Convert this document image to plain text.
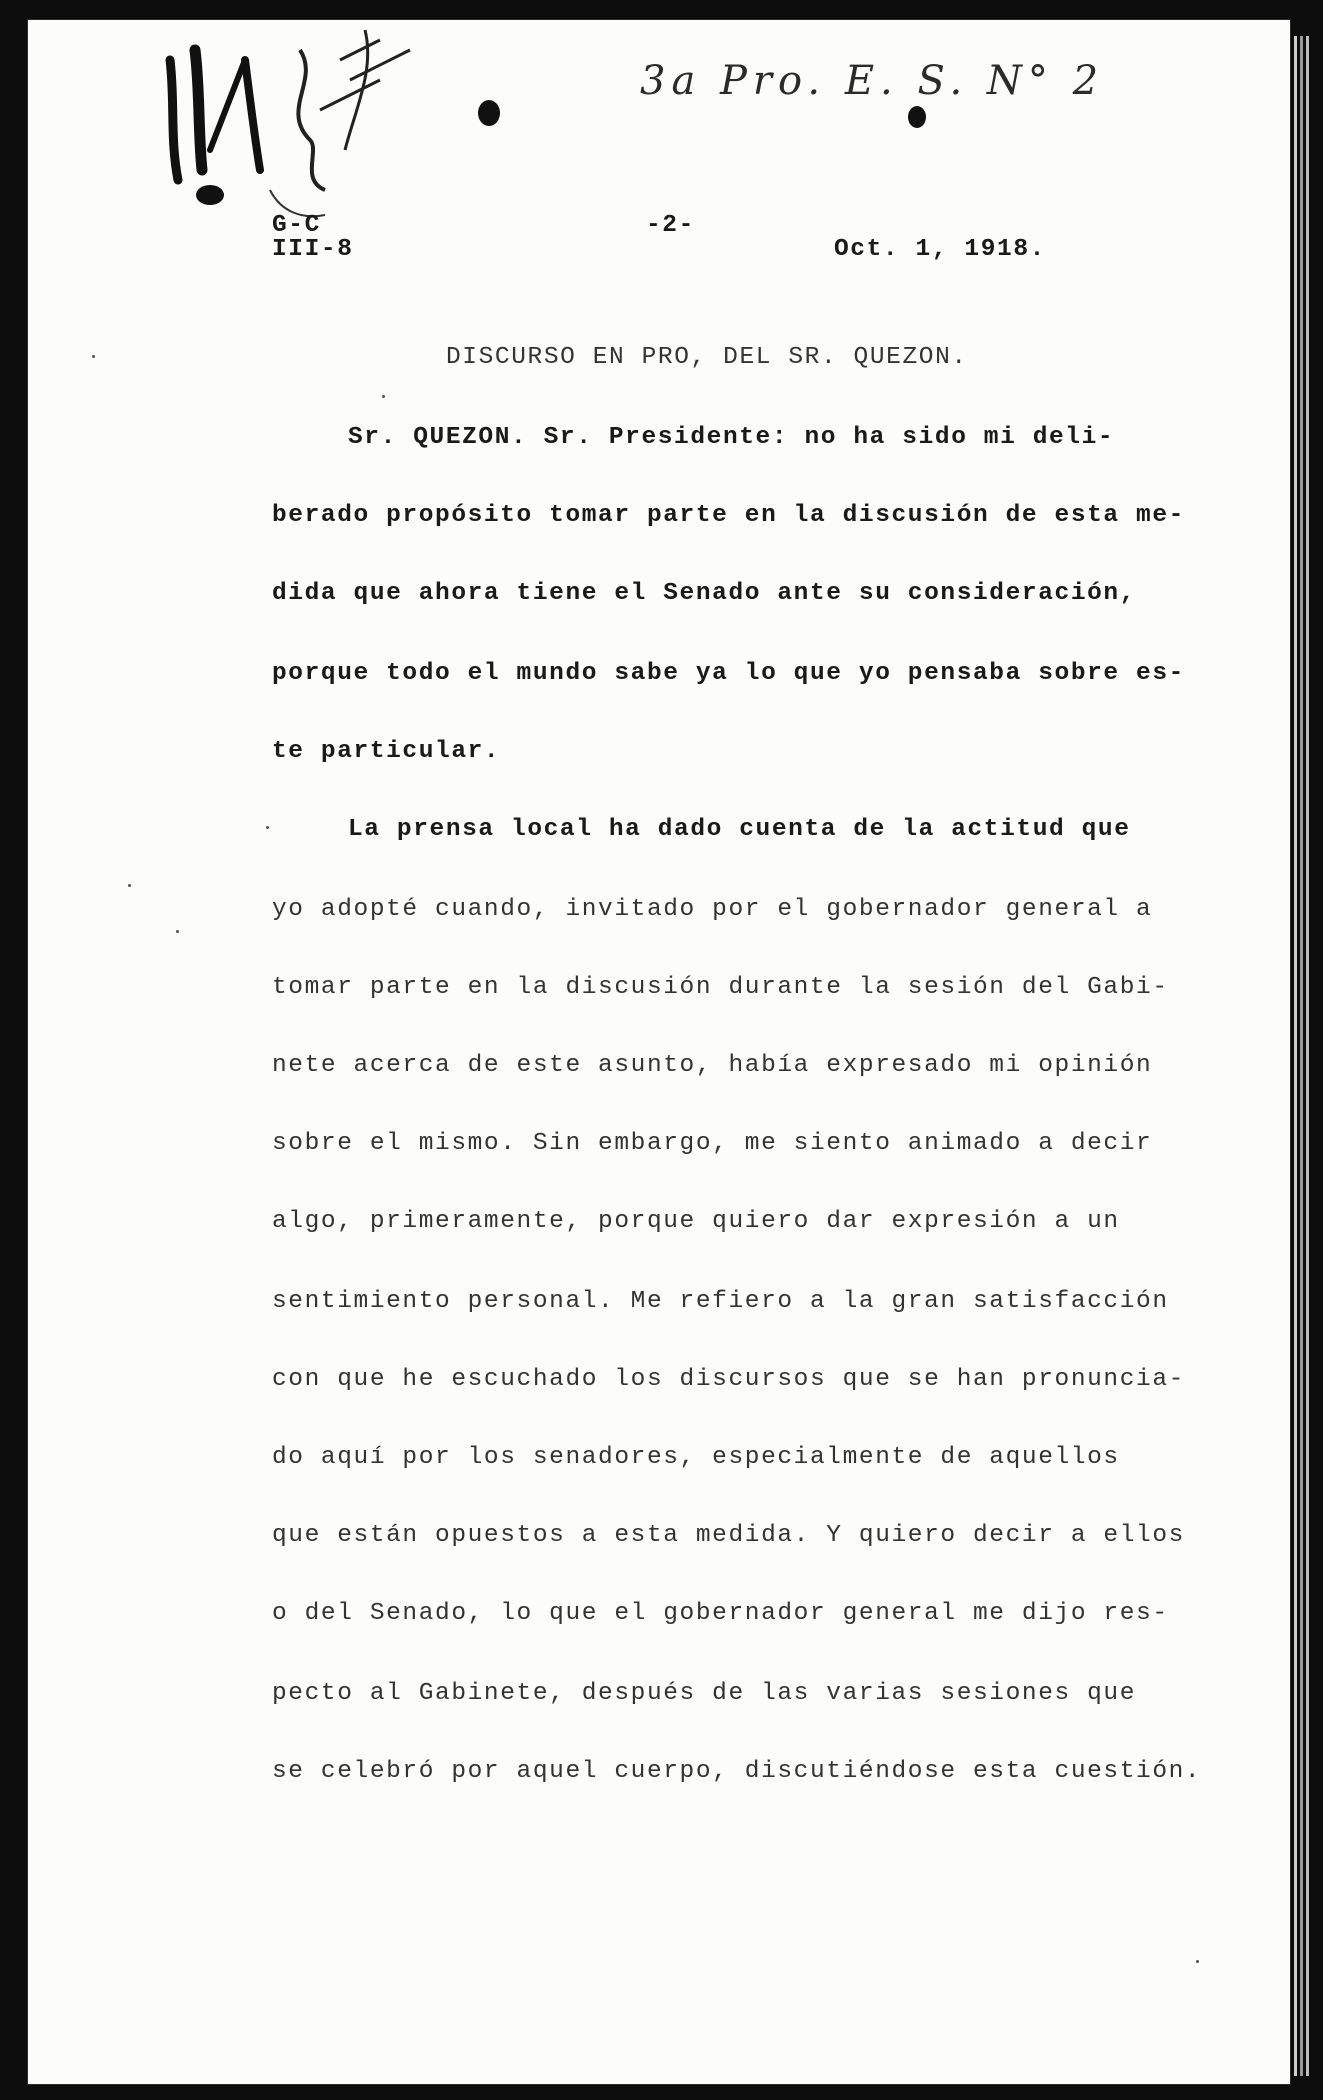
3a Pro. E. S. N° 2
G-C
III-8
-2-
Oct. 1, 1918.
DISCURSO EN PRO, DEL SR. QUEZON.
Sr. QUEZON. Sr. Presidente: no ha sido mi deli-
berado propósito tomar parte en la discusión de esta me-
dida que ahora tiene el Senado ante su consideración,
porque todo el mundo sabe ya lo que yo pensaba sobre es-
te particular.
La prensa local ha dado cuenta de la actitud que
yo adopté cuando, invitado por el gobernador general a
tomar parte en la discusión durante la sesión del Gabi-
nete acerca de este asunto, había expresado mi opinión
sobre el mismo. Sin embargo, me siento animado a decir
algo, primeramente, porque quiero dar expresión a un
sentimiento personal. Me refiero a la gran satisfacción
con que he escuchado los discursos que se han pronuncia-
do aquí por los senadores, especialmente de aquellos
que están opuestos a esta medida. Y quiero decir a ellos
o del Senado, lo que el gobernador general me dijo res-
pecto al Gabinete, después de las varias sesiones que
se celebró por aquel cuerpo, discutiéndose esta cuestión.
